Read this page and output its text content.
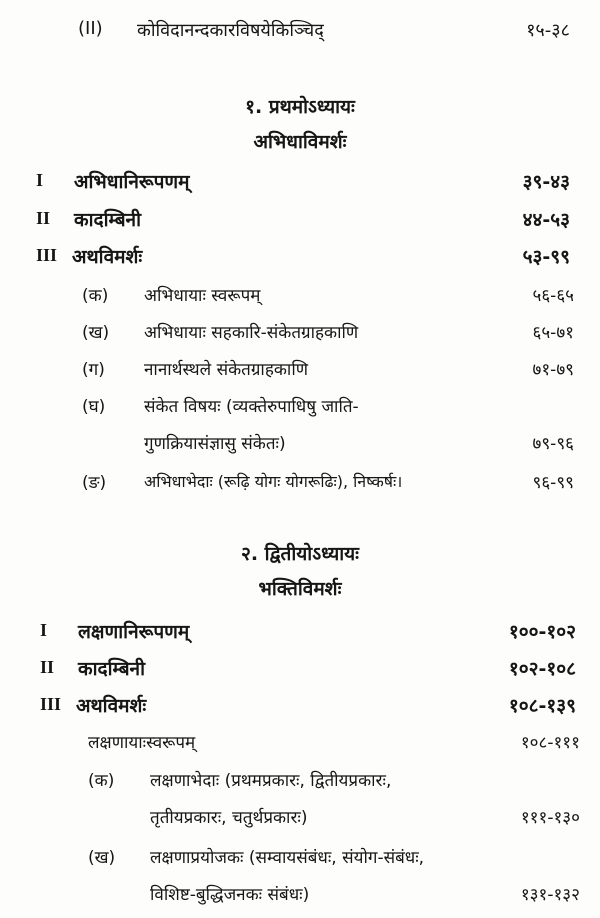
(II) कोविदानन्दकारविषयेकिञ्चिद्	१५-३८
१. प्रथमोऽध्यायः
अभिधाविमर्शः
I अभिधानिरूपणम्	३९-४३
II कादम्बिनी	४४-५३
III अथविमर्शः	५३-९९
(क) अभिधायाः स्वरूपम्	५६-६५
(ख) अभिधायाः सहकारि-संकेतग्राहकाणि	६५-७१
(ग) नानार्थस्थले संकेतग्राहकाणि	७१-७९
(घ) संकेत विषयः (व्यक्तेरुपाधिषु जाति-
गुणक्रियासंज्ञासु संकेतः)	७९-९६
(ङ) अभिधाभेदाः (रूढ़ि योगः योगरूढिः), निष्कर्षः।	९६-९९
२. द्वितीयोऽध्यायः
भक्तिविमर्शः
I लक्षणानिरूपणम्	१००-१०२
II कादम्बिनी	१०२-१०८
III अथविमर्शः	१०८-१३९
लक्षणायाःस्वरूपम्	१०८-१११
(क) लक्षणाभेदाः (प्रथमप्रकारः, द्वितीयप्रकारः,
तृतीयप्रकारः, चतुर्थप्रकारः)	१११-१३०
(ख) लक्षणाप्रयोजकः (सम्वायसंबंधः, संयोग-संबंधः,
विशिष्ट-बुद्धिजनकः संबंधः)	१३१-१३२
